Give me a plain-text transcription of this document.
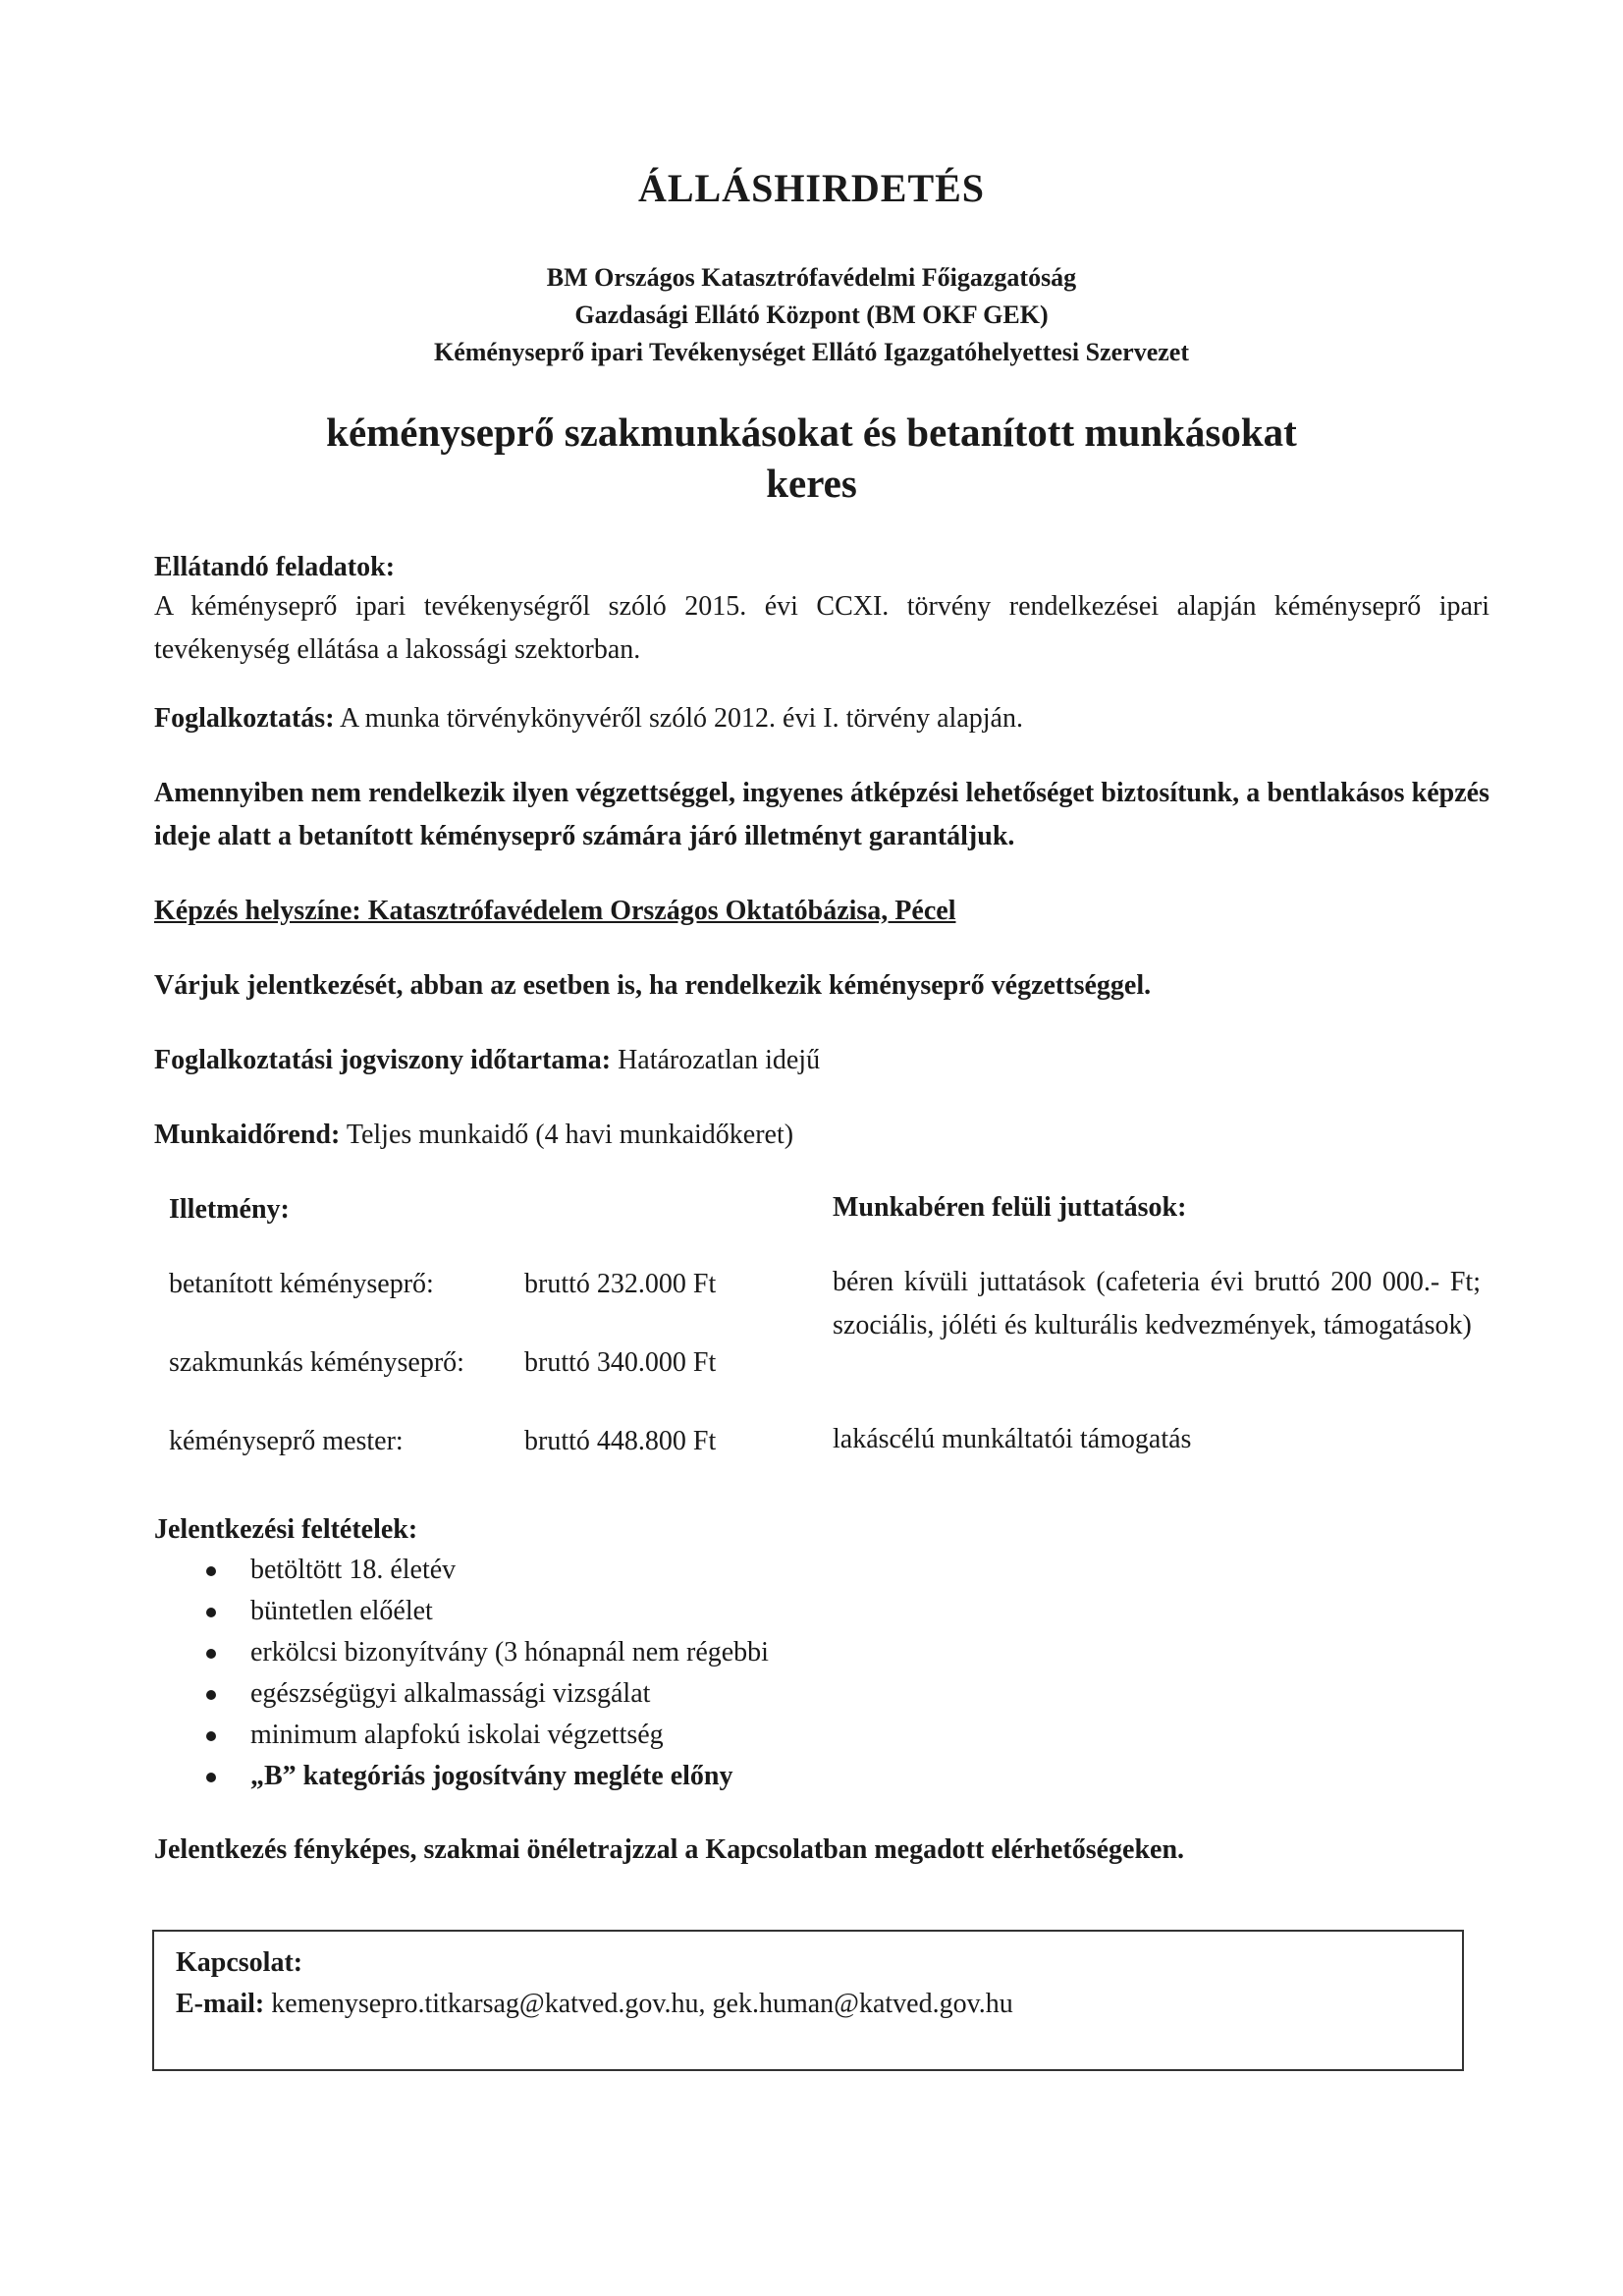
ÁLLÁSHIRDETÉS
BM Országos Katasztrófavédelmi Főigazgatóság
Gazdasági Ellátó Központ (BM OKF GEK)
Kéményseprő ipari Tevékenységet Ellátó Igazgatóhelyettesi Szervezet
kéményseprő szakmunkásokat és betanított munkásokat
keres
Ellátandó feladatok:
A kéményseprő ipari tevékenységről szóló 2015. évi CCXI. törvény rendelkezései alapján kéményseprő ipari tevékenység ellátása a lakossági szektorban.
Foglalkoztatás: A munka törvénykönyvéről szóló 2012. évi I. törvény alapján.
Amennyiben nem rendelkezik ilyen végzettséggel, ingyenes átképzési lehetőséget biztosítunk, a bentlakásos képzés ideje alatt a betanított kéményseprő számára járó illetményt garantáljuk.
Képzés helyszíne: Katasztrófavédelem Országos Oktatóbázisa, Pécel
Várjuk jelentkezését, abban az esetben is, ha rendelkezik kéményseprő végzettséggel.
Foglalkoztatási jogviszony időtartama: Határozatlan idejű
Munkaidőrend: Teljes munkaidő (4 havi munkaidőkeret)
Illetmény:
betanított kéményseprő:	bruttó 232.000 Ft
szakmunkás kéményseprő: bruttó 340.000 Ft
kéményseprő mester:	bruttó 448.800 Ft
Munkabéren felüli juttatások:
béren kívüli juttatások (cafeteria évi bruttó 200 000.- Ft; szociális, jóléti és kulturális kedvezmények, támogatások)
lakáscélú munkáltatói támogatás
Jelentkezési feltételek:
betöltött 18. életév
büntetlen előélet
erkölcsi bizonyítvány (3 hónapnál nem régebbi
egészségügyi alkalmassági vizsgálat
minimum alapfokú iskolai végzettség
„B” kategóriás jogosítvány megléte előny
Jelentkezés fényképes, szakmai önéletrajzzal a Kapcsolatban megadott elérhetőségeken.
Kapcsolat:
E-mail: kemenysepro.titkarsag@katved.gov.hu, gek.human@katved.gov.hu
